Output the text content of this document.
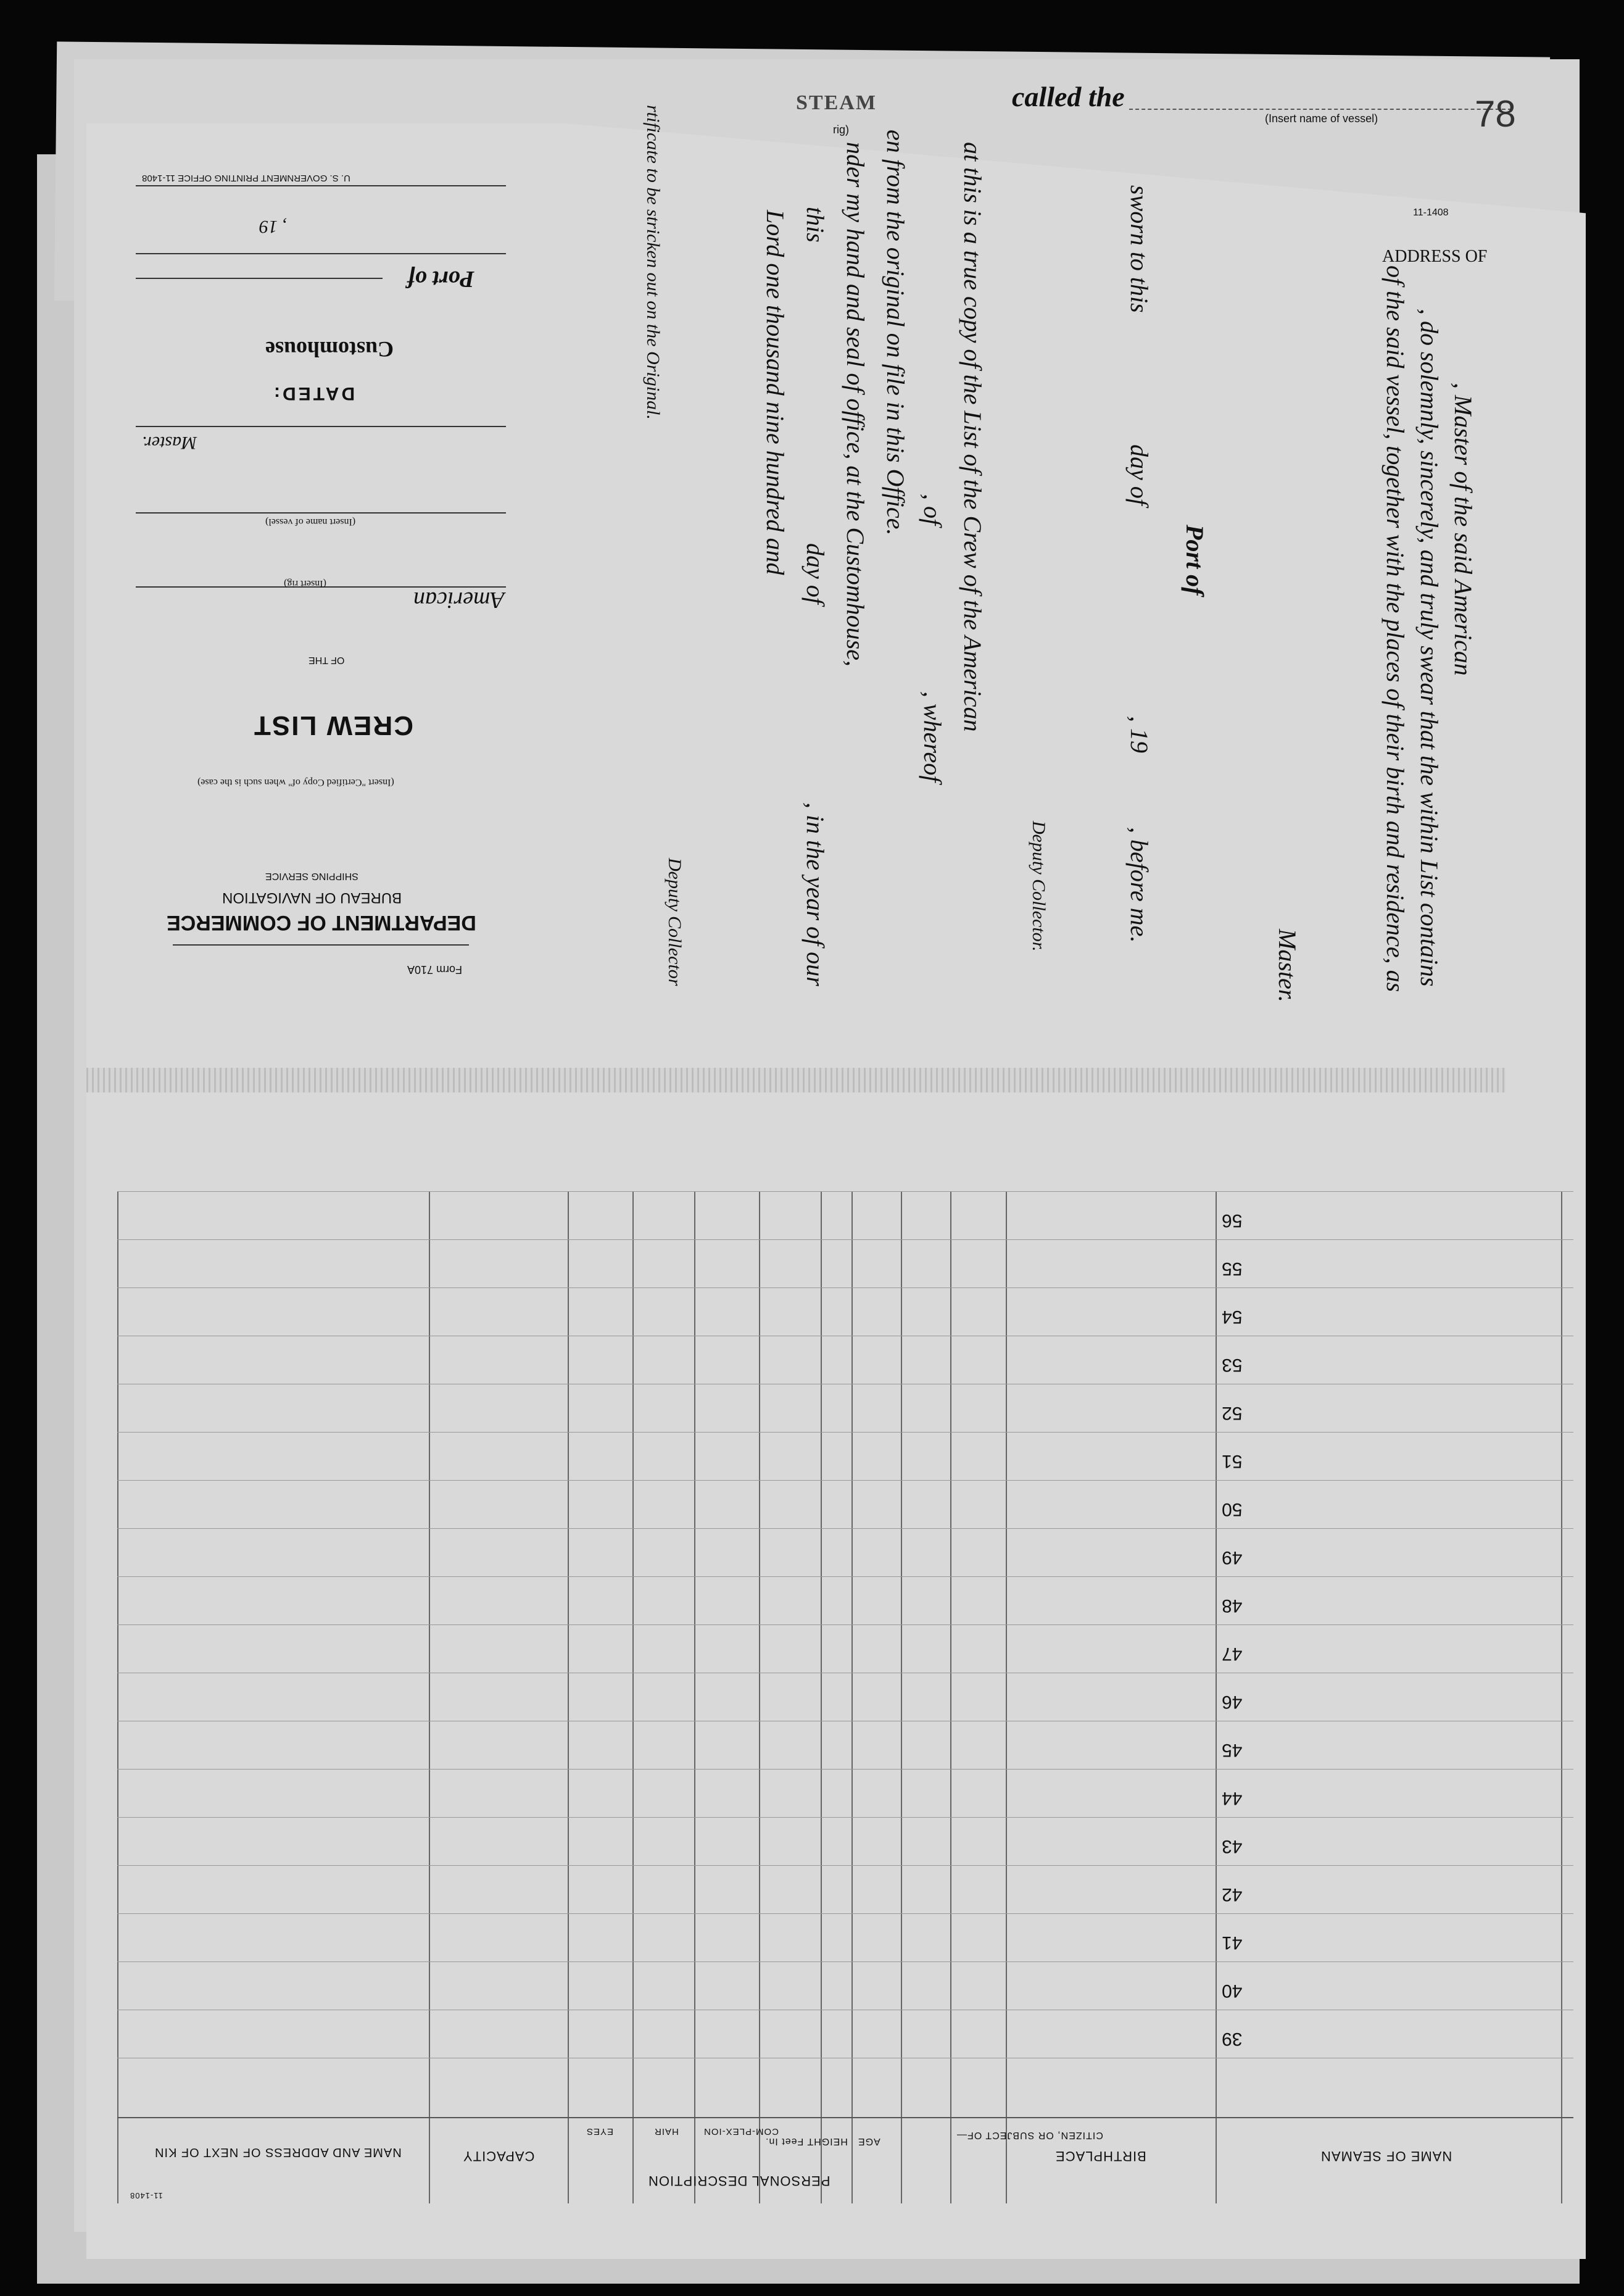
STEAM	called the
(Insert name of vessel)
rig)	78
11-1408
ADDRESS OF
U. S. GOVERNMENT PRINTING OFFICE 11-1408
, 19
Port of
Customhouse
DATED:
Master.
(Insert name of vessel)
(Insert rig)
American
OF THE
CREW LIST
(Insert "Certified Copy of" when such is the case)
SHIPPING SERVICE
BUREAU OF NAVIGATION
DEPARTMENT OF COMMERCE
Form 710A
, Master of the said American
, do solemnly, sincerely, and truly swear that the within List contains
of the said vessel, together with the places of their birth and residence, as
Master.
Port of
sworn to this
day of
, 19
, before me.
Deputy Collector.
at this is a true copy of the List of the Crew of the American
, of
, whereof
en from the original on file in this Office.
nder my hand and seal of office, at the Customhouse,
this
day of
, in the year of our
Lord one thousand nine hundred and
Deputy Collector
rtificate to be stricken out on the Original.
56
55
54
53
52
51
50
49
48
47
46
45
44
43
42
41
40
39
NAME OF SEAMAN
BIRTHPLACE
CITIZEN, OR SUBJECT OF—
AGE
HEIGHT Feet In.
COM-PLEX-ION
HAIR
EYES
PERSONAL DESCRIPTION
CAPACITY
NAME AND ADDRESS OF NEXT OF KIN
11-1408
